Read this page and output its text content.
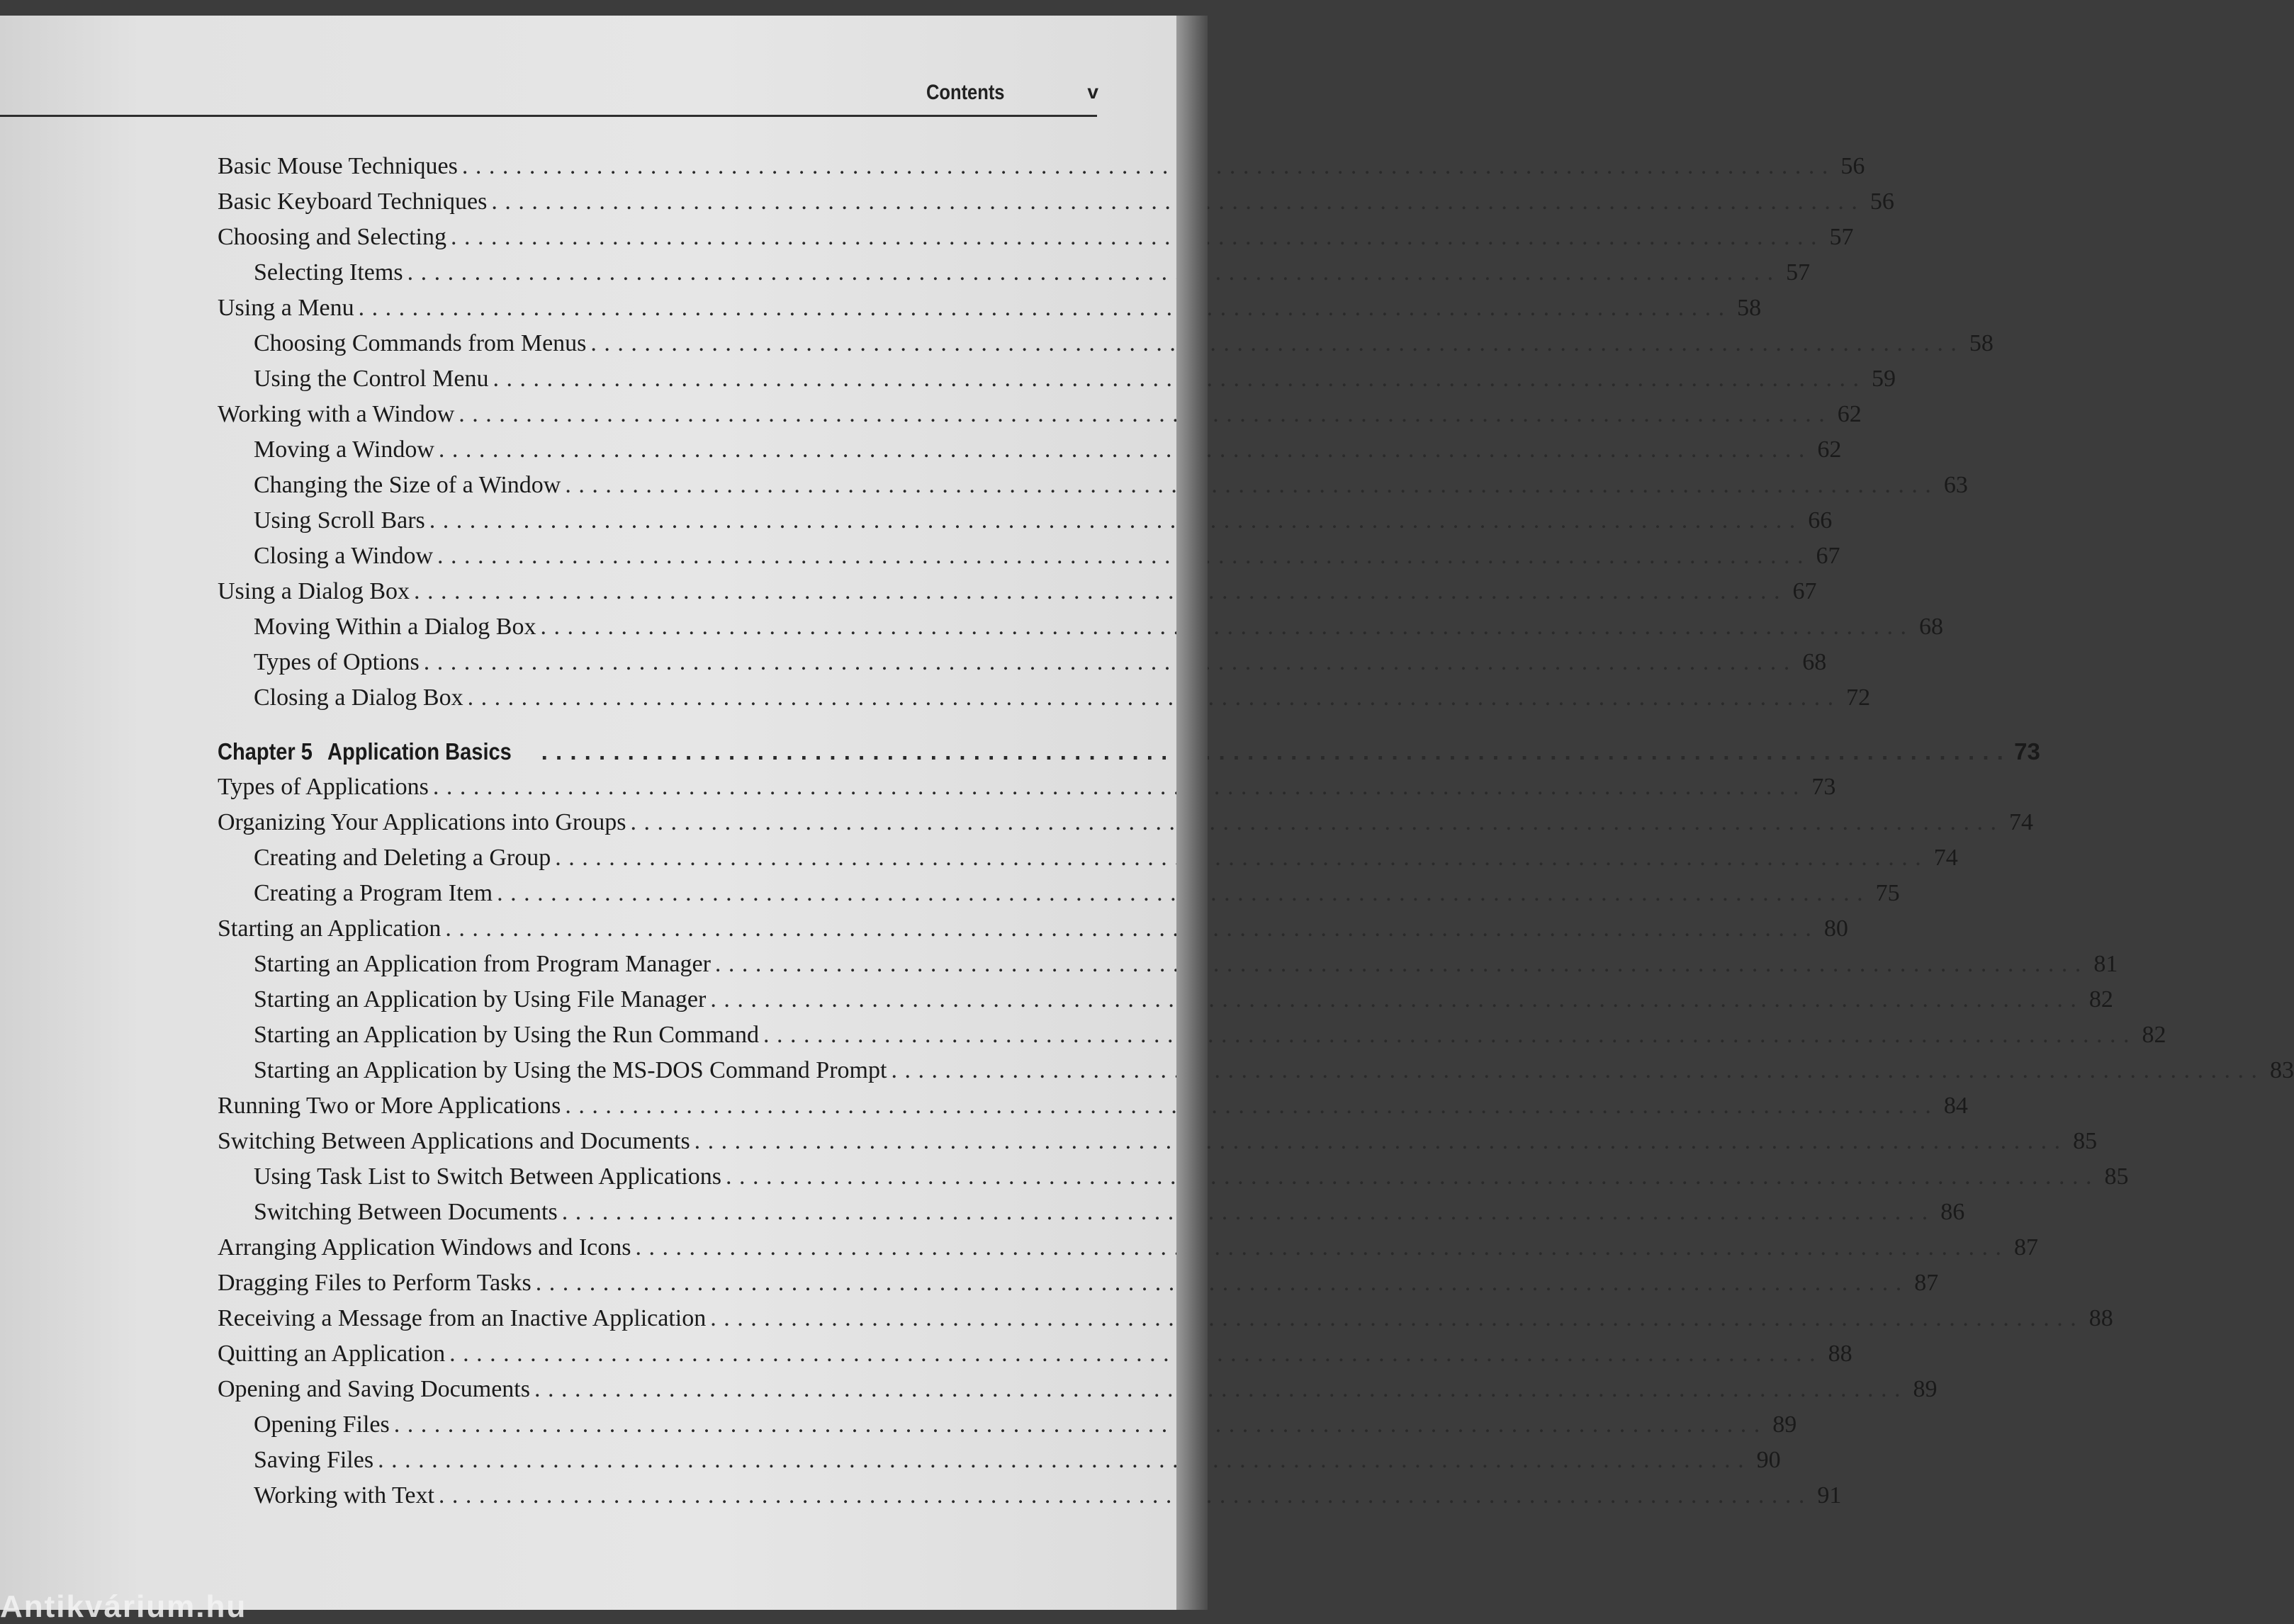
Contents	v
Basic Mouse Techniques . . .	56
Basic Keyboard Techniques . . .	56
Choosing and Selecting . . .	57
Selecting Items . . .	57
Using a Menu . . .	58
Choosing Commands from Menus . . .	58
Using the Control Menu . . .	59
Working with a Window . . .	62
Moving a Window . . .	62
Changing the Size of a Window . . .	63
Using Scroll Bars . . .	66
Closing a Window . . .	67
Using a Dialog Box . . .	67
Moving Within a Dialog Box . . .	68
Types of Options . . .	68
Closing a Dialog Box . . .	72
Chapter 5 Application Basics . . .	73
Types of Applications . . .	73
Organizing Your Applications into Groups . . .	74
Creating and Deleting a Group . . .	74
Creating a Program Item . . .	75
Starting an Application . . .	80
Starting an Application from Program Manager . . .	81
Starting an Application by Using File Manager . . .	82
Starting an Application by Using the Run Command . . .	82
Starting an Application by Using the MS-DOS Command Prompt . . .	83
Running Two or More Applications . . .	84
Switching Between Applications and Documents . . .	85
Using Task List to Switch Between Applications . . .	85
Switching Between Documents . . .	86
Arranging Application Windows and Icons . . .	87
Dragging Files to Perform Tasks . . .	87
Receiving a Message from an Inactive Application . . .	88
Quitting an Application . . .	88
Opening and Saving Documents . . .	89
Opening Files . . .	89
Saving Files . . .	90
Working with Text . . .	91
Antikvárium.hu
